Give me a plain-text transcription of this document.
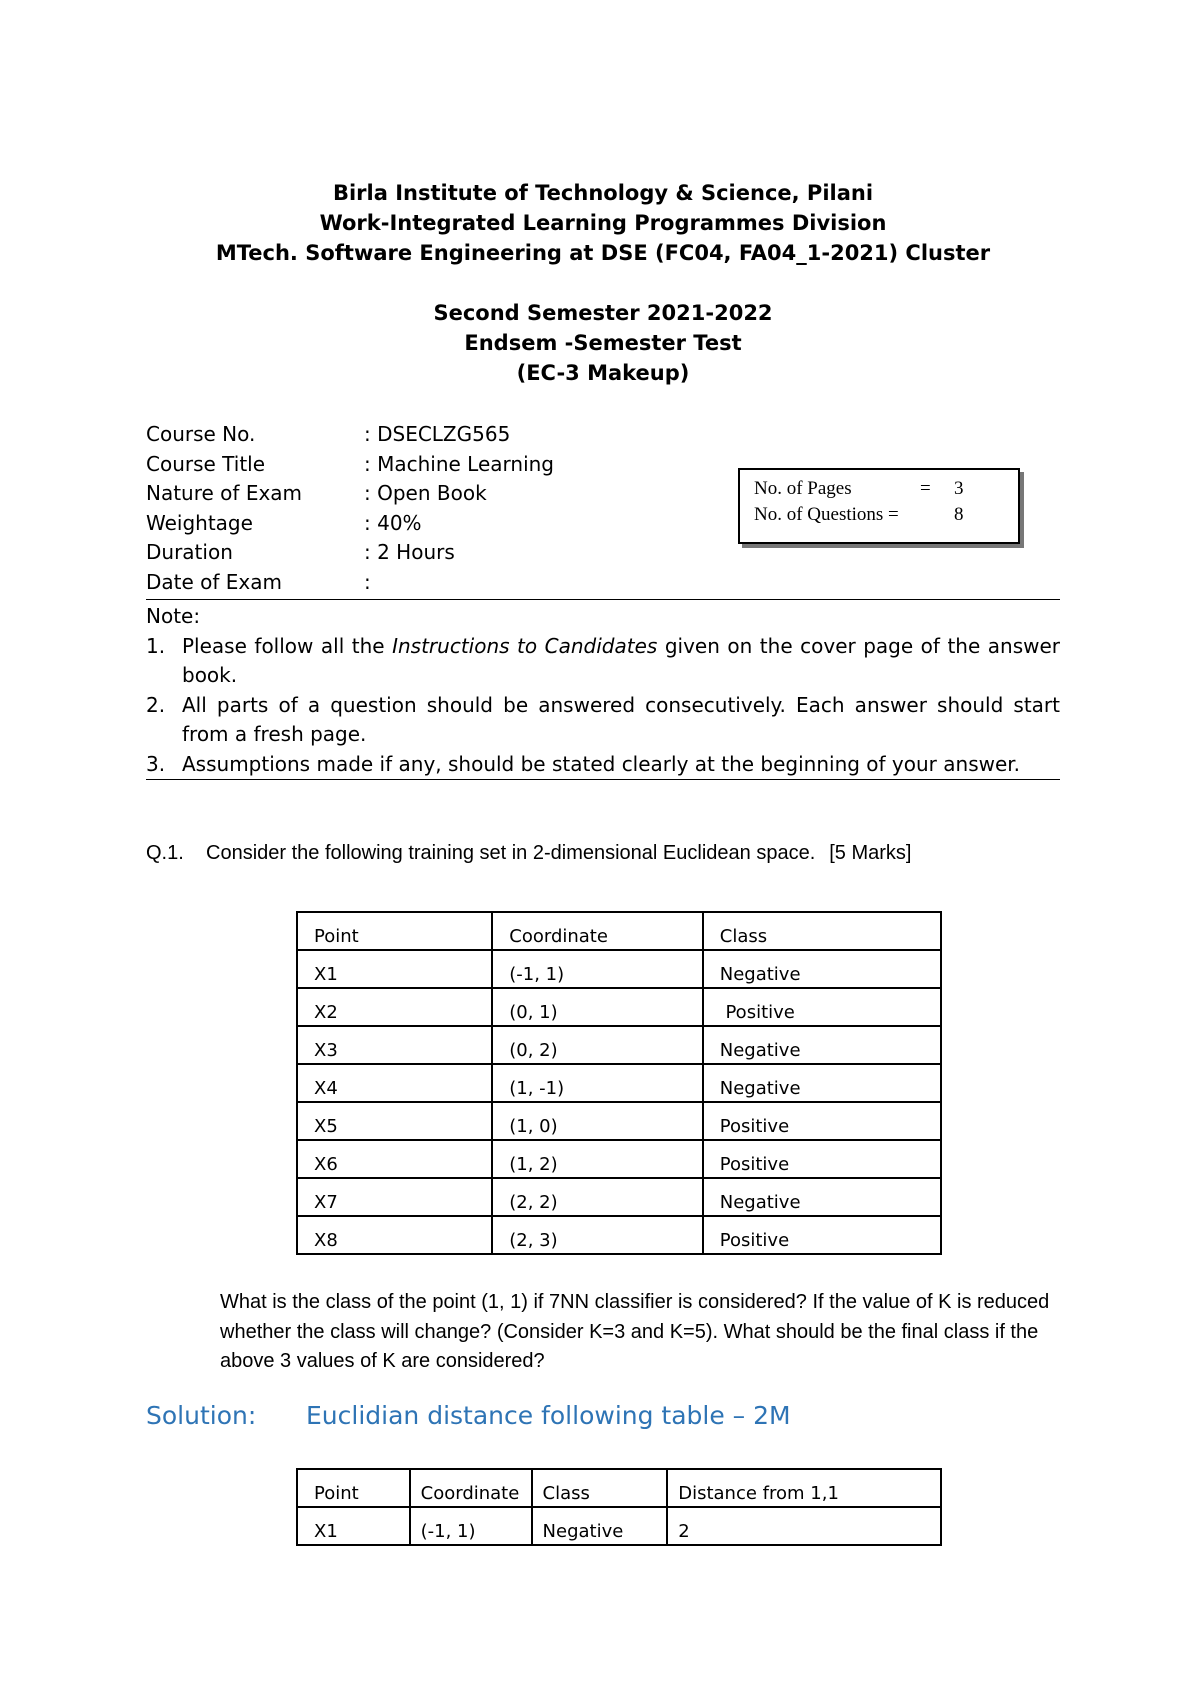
Birla Institute of Technology & Science, Pilani
Work-Integrated Learning Programmes Division
MTech. Software Engineering at DSE (FC04, FA04_1-2021) Cluster
Second Semester 2021-2022
Endsem -Semester Test
(EC-3 Makeup)
Course No.	: DSECLZG565
Course Title	: Machine Learning
Nature of Exam	: Open Book
Weightage	: 40%
Duration	: 2 Hours
Date of Exam	:
No. of Pages	= 3
No. of Questions =	8
Note:
1. Please follow all the Instructions to Candidates given on the cover page of the answer book.
2. All parts of a question should be answered consecutively. Each answer should start from a fresh page.
3. Assumptions made if any, should be stated clearly at the beginning of your answer.
Q.1. Consider the following training set in 2-dimensional Euclidean space. [5 Marks]
Point	Coordinate	Class
X1	(-1, 1)	Negative
X2	(0, 1)	Positive
X3	(0, 2)	Negative
X4	(1, -1)	Negative
X5	(1, 0)	Positive
X6	(1, 2)	Positive
X7	(2, 2)	Negative
X8	(2, 3)	Positive
What is the class of the point (1, 1) if 7NN classifier is considered? If the value of K is reduced whether the class will change? (Consider K=3 and K=5). What should be the final class if the above 3 values of K are considered?
Solution: Euclidian distance following table – 2M
Point	Coordinate	Class	Distance from 1,1
X1	(-1, 1)	Negative	2
